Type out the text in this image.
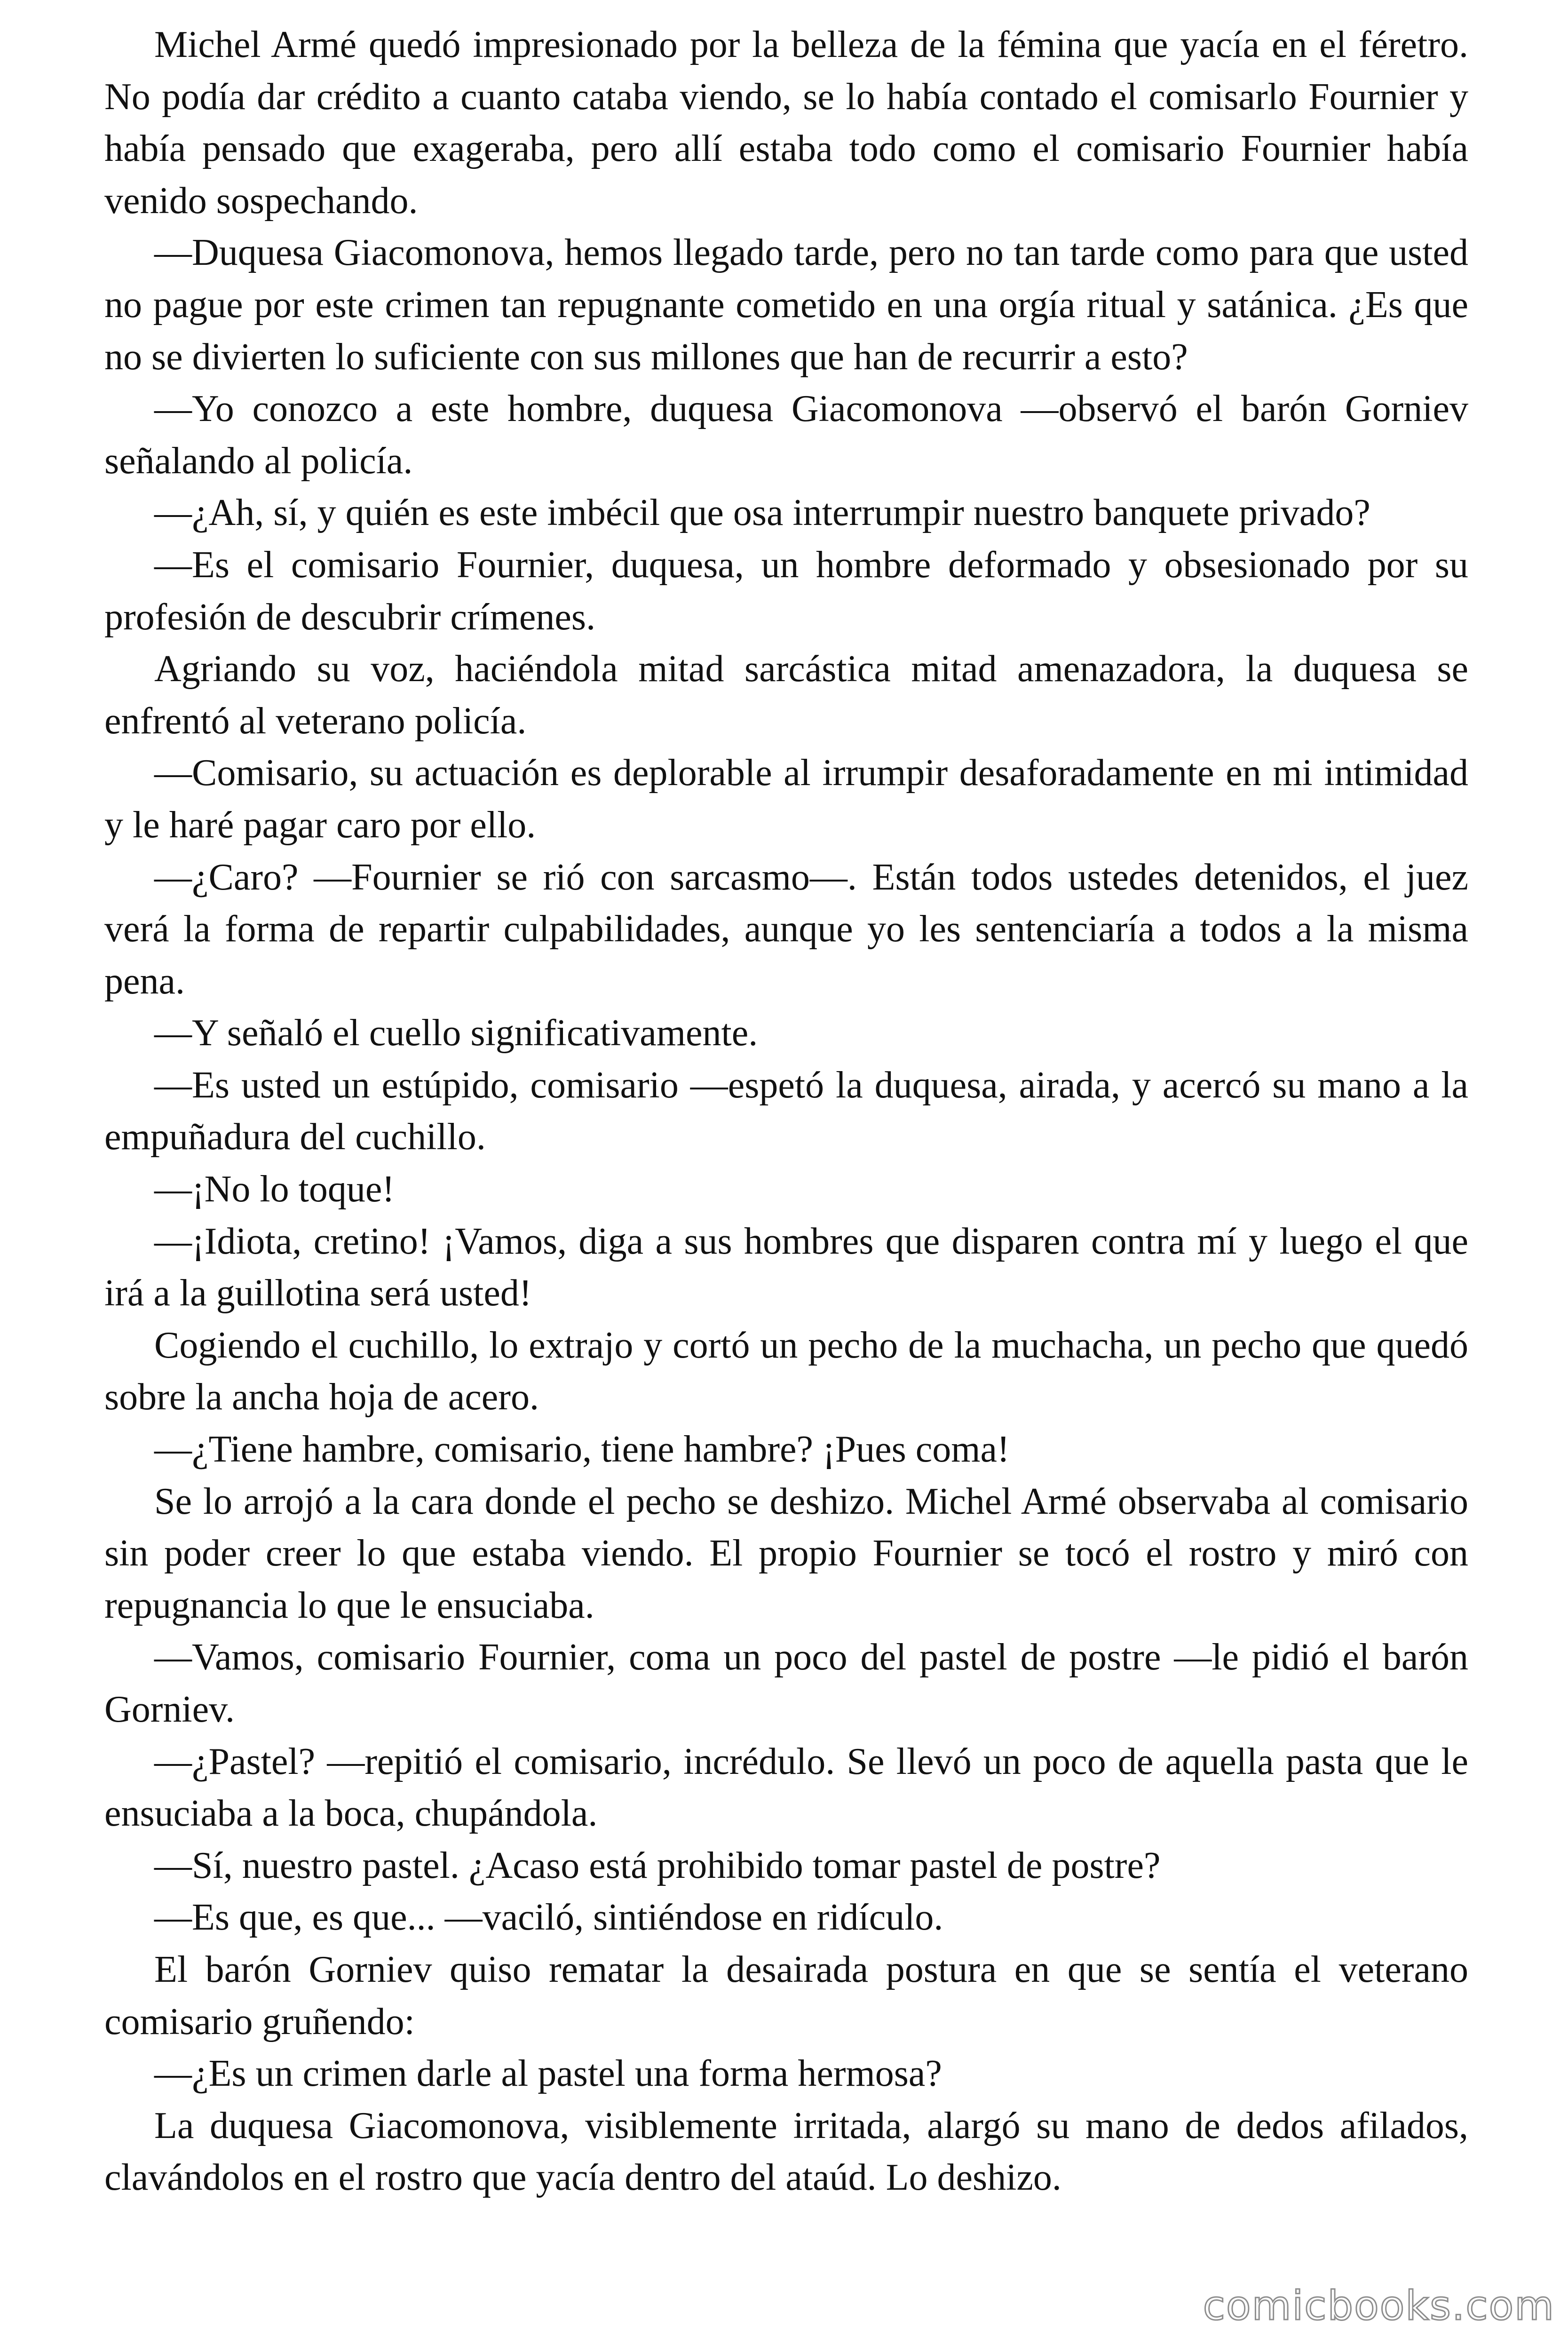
Michel Armé quedó impresionado por la belleza de la fémina que yacía en el féretro. No podía dar crédito a cuanto cataba viendo, se lo había contado el comisarlo Fournier y había pensado que exageraba, pero allí estaba todo como el comisario Fournier había venido sospechando.

—Duquesa Giacomonova, hemos llegado tarde, pero no tan tarde como para que usted no pague por este crimen tan repugnante cometido en una orgía ritual y satánica. ¿Es que no se divierten lo suficiente con sus millones que han de recurrir a esto?

—Yo conozco a este hombre, duquesa Giacomonova —observó el barón Gorniev señalando al policía.

—¿Ah, sí, y quién es este imbécil que osa interrumpir nuestro banquete privado?

—Es el comisario Fournier, duquesa, un hombre deformado y obsesionado por su profesión de descubrir crímenes.

Agriando su voz, haciéndola mitad sarcástica mitad amenazadora, la duquesa se enfrentó al veterano policía.

—Comisario, su actuación es deplorable al irrumpir desaforadamente en mi intimidad y le haré pagar caro por ello.

—¿Caro? —Fournier se rió con sarcasmo—. Están todos ustedes detenidos, el juez verá la forma de repartir culpabilidades, aunque yo les sentenciaría a todos a la misma pena.

—Y señaló el cuello significativamente.

—Es usted un estúpido, comisario —espetó la duquesa, airada, y acercó su mano a la empuñadura del cuchillo.

—¡No lo toque!

—¡Idiota, cretino! ¡Vamos, diga a sus hombres que disparen contra mí y luego el que irá a la guillotina será usted!

Cogiendo el cuchillo, lo extrajo y cortó un pecho de la muchacha, un pecho que quedó sobre la ancha hoja de acero.

—¿Tiene hambre, comisario, tiene hambre? ¡Pues coma!

Se lo arrojó a la cara donde el pecho se deshizo. Michel Armé observaba al comisario sin poder creer lo que estaba viendo. El propio Fournier se tocó el rostro y miró con repugnancia lo que le ensuciaba.

—Vamos, comisario Fournier, coma un poco del pastel de postre —le pidió el barón Gorniev.

—¿Pastel? —repitió el comisario, incrédulo. Se llevó un poco de aquella pasta que le ensuciaba a la boca, chupándola.

—Sí, nuestro pastel. ¿Acaso está prohibido tomar pastel de postre?

—Es que, es que... —vaciló, sintiéndose en ridículo.

El barón Gorniev quiso rematar la desairada postura en que se sentía el veterano comisario gruñendo:

—¿Es un crimen darle al pastel una forma hermosa?

La duquesa Giacomonova, visiblemente irritada, alargó su mano de dedos afilados, clavándolos en el rostro que yacía dentro del ataúd. Lo deshizo.

comicbooks.com
